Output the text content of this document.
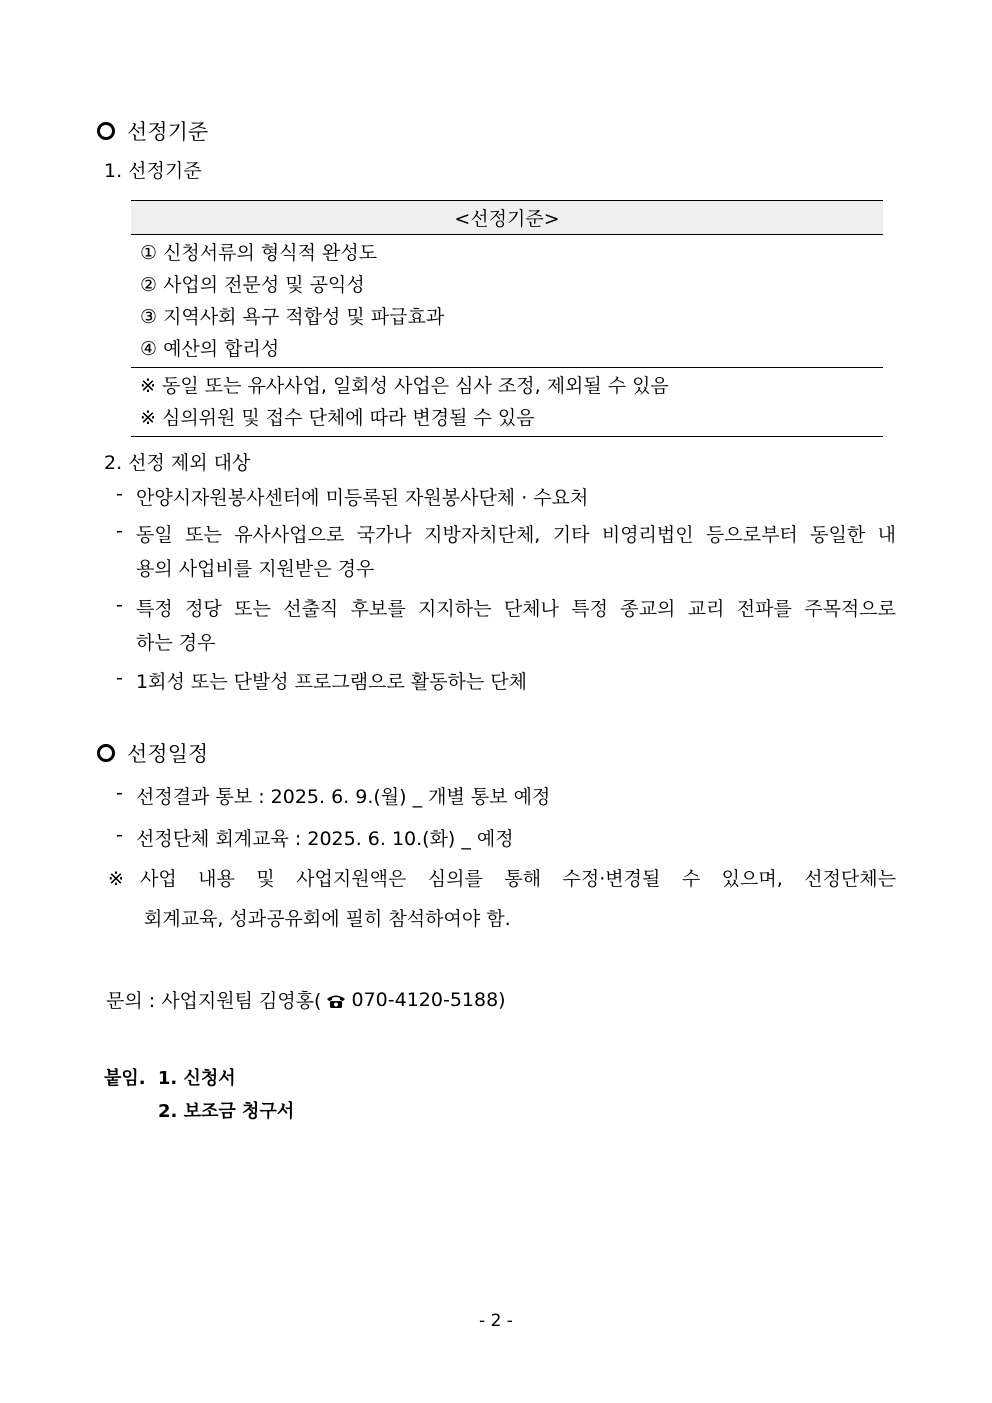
선정기준
1. 선정기준
<선정기준>
① 신청서류의 형식적 완성도
② 사업의 전문성 및 공익성
③ 지역사회 욕구 적합성 및 파급효과
④ 예산의 합리성
※ 동일 또는 유사사업, 일회성 사업은 심사 조정, 제외될 수 있음
※ 심의위원 및 접수 단체에 따라 변경될 수 있음
2. 선정 제외 대상
- 안양시자원봉사센터에 미등록된 자원봉사단체 · 수요처
- 동일 또는 유사사업으로 국가나 지방자치단체, 기타 비영리법인 등으로부터 동일한 내
용의 사업비를 지원받은 경우
- 특정 정당 또는 선출직 후보를 지지하는 단체나 특정 종교의 교리 전파를 주목적으로
하는 경우
- 1회성 또는 단발성 프로그램으로 활동하는 단체
선정일정
- 선정결과 통보 : 2025. 6. 9.(월) _ 개별 통보 예정
- 선정단체 회계교육 : 2025. 6. 10.(화) _ 예정
※ 사업 내용 및 사업지원액은 심의를 통해 수정·변경될 수 있으며, 선정단체는
회계교육, 성과공유회에 필히 참석하여야 함.
문의 : 사업지원팀 김영홍( 070-4120-5188)
붙임. 1. 신청서
2. 보조금 청구서
- 2 -
